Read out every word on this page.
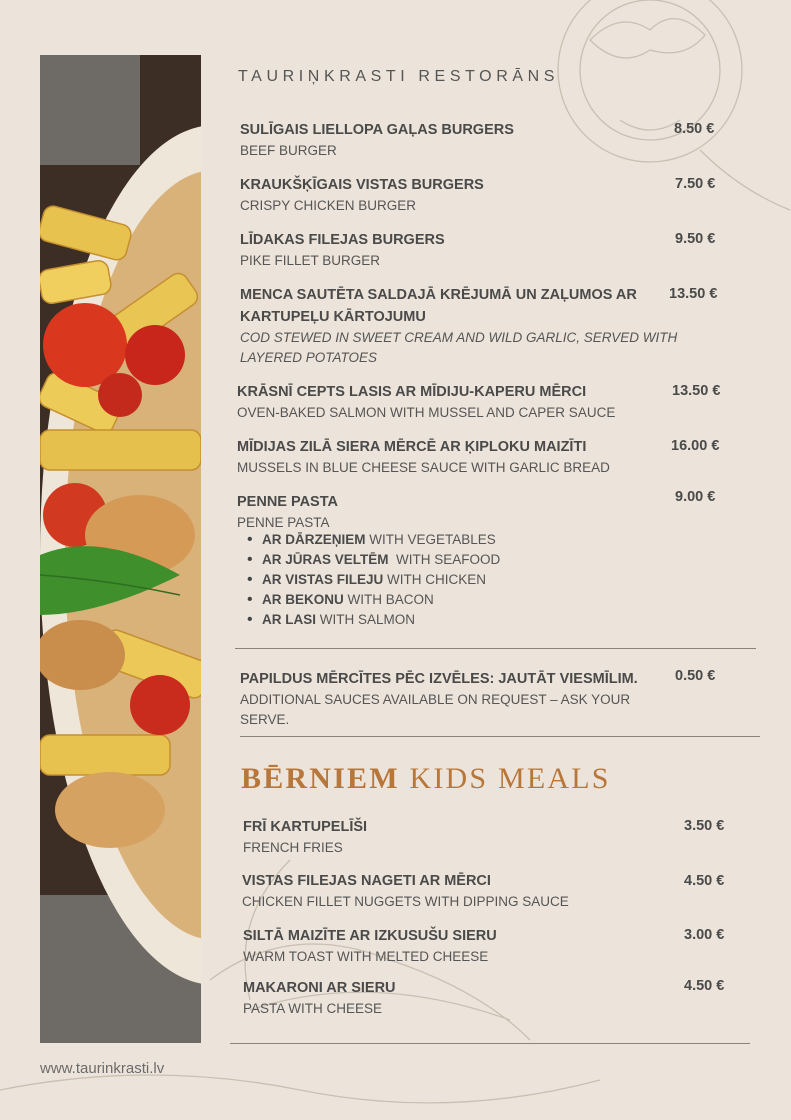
TAURIŅKRASTI RESTORĀNS
SULĪGAIS LIELLOPA GAĻAS BURGERS
BEEF BURGER
8.50 €
KRAUKŠĶĪGAIS VISTAS BURGERS
CRISPY CHICKEN BURGER
7.50 €
LĪDAKAS FILEJAS BURGERS
PIKE FILLET BURGER
9.50 €
MENCA SAUTĒTA SALDAJĀ KRĒJUMĀ UN ZAĻUMOS AR KARTUPEĻU KĀRTOJUMU
COD STEWED IN SWEET CREAM AND WILD GARLIC, SERVED WITH LAYERED POTATOES
13.50 €
KRĀSNĪ CEPTS LASIS AR MĪDIJU-KAPERU MĒRCI
OVEN-BAKED SALMON WITH MUSSEL AND CAPER SAUCE
13.50 €
MĪDIJAS ZILĀ SIERA MĒRCĒ AR ĶIPLOKU MAIZĪTI
MUSSELS IN BLUE CHEESE SAUCE WITH GARLIC BREAD
16.00 €
PENNE PASTA
PENNE PASTA
9.00 €
• AR DĀRZEŅIEM WITH VEGETABLES
• AR JŪRAS VELTĒM WITH SEAFOOD
• AR VISTAS FILEJU WITH CHICKEN
• AR BEKONU WITH BACON
• AR LASI WITH SALMON
PAPILDUS MĒRCĪTES PĒC IZVĒLES: JAUTĀT VIESMĪLIM.
ADDITIONAL SAUCES AVAILABLE ON REQUEST – ASK YOUR SERVE.
0.50 €
BĒRNIEM KIDS MEALS
FRĪ KARTUPELĪŠI
FRENCH FRIES
3.50 €
VISTAS FILEJAS NAGETI AR MĒRCI
CHICKEN FILLET NUGGETS WITH DIPPING SAUCE
4.50 €
SILTĀ MAIZĪTE AR IZKUSUŠU SIERU
WARM TOAST WITH MELTED CHEESE
3.00 €
MAKARONI AR SIERU
PASTA WITH CHEESE
4.50 €
www.taurinkrasti.lv
